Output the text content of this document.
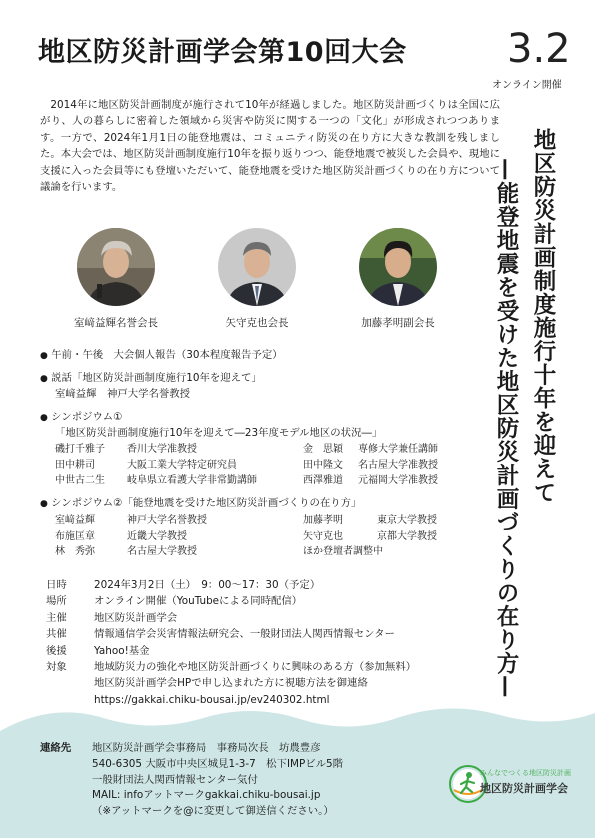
地区防災計画学会第10回大会	3.2
オンライン開催
2014年に地区防災計画制度が施行されて10年が経過しました。地区防災計画づくりは全国に広がり、人の暮らしに密着した領域から災害や防災に関する一つの「文化」が形成されつつあります。一方で、2024年1月1日の能登地震は、コミュニティ防災の在り方に大きな教訓を残しました。本大会では、地区防災計画制度施行10年を振り返りつつ、能登地震で被災した会員や、現地に支援に入った会員等にも登壇いただいて、能登地震を受けた地区防災計画づくりの在り方について議論を行います。	地区防災計画制度施行十年を迎えて
—能登地震を受けた地区防災計画づくりの在り方—
室﨑益輝名誉会長	矢守克也会長	加藤孝明副会長
● 午前・午後　大会個人報告（30本程度報告予定）
● 説話「地区防災計画制度施行10年を迎えて」
室﨑益輝　神戸大学名誉教授
● シンポジウム①
「地区防災計画制度施行10年を迎えて―23年度モデル地区の状況―」
磯打千雅子 香川大学准教授	金　思穎 専修大学兼任講師
田中耕司	大阪工業大学特定研究員	田中隆文 名古屋大学准教授
中世古二生 岐阜県立看護大学非常勤講師	西澤雅道 元福岡大学准教授
● シンポジウム②「能登地震を受けた地区防災計画づくりの在り方」
室﨑益輝	神戸大学名誉教授	加藤孝明	東京大学教授
布施匡章	近畿大学教授	矢守克也	京都大学教授
林　秀弥	名古屋大学教授	ほか登壇者調整中
日時	2024年3月2日（土）　9：00～17：30（予定）
場所	オンライン開催（YouTubeによる同時配信）
主催	地区防災計画学会
共催	情報通信学会災害情報法研究会、一般財団法人関西情報センター
後援	Yahoo!基金
対象	地域防災力の強化や地区防災計画づくりに興味のある方（参加無料）
地区防災計画学会HPで申し込まれた方に視聴方法を御連絡
https://gakkai.chiku-bousai.jp/ev240302.html
連絡先 地区防災計画学会事務局　事務局次長　坊農豊彦
540-6305 大阪市中央区城見1-3-7　松下IMPビル5階
一般財団法人関西情報センター気付
MAIL: infoアットマークgakkai.chiku-bousai.jp
（※アットマークを@に変更して御送信ください。）
みんなでつくる地区防災計画
地区防災計画学会
